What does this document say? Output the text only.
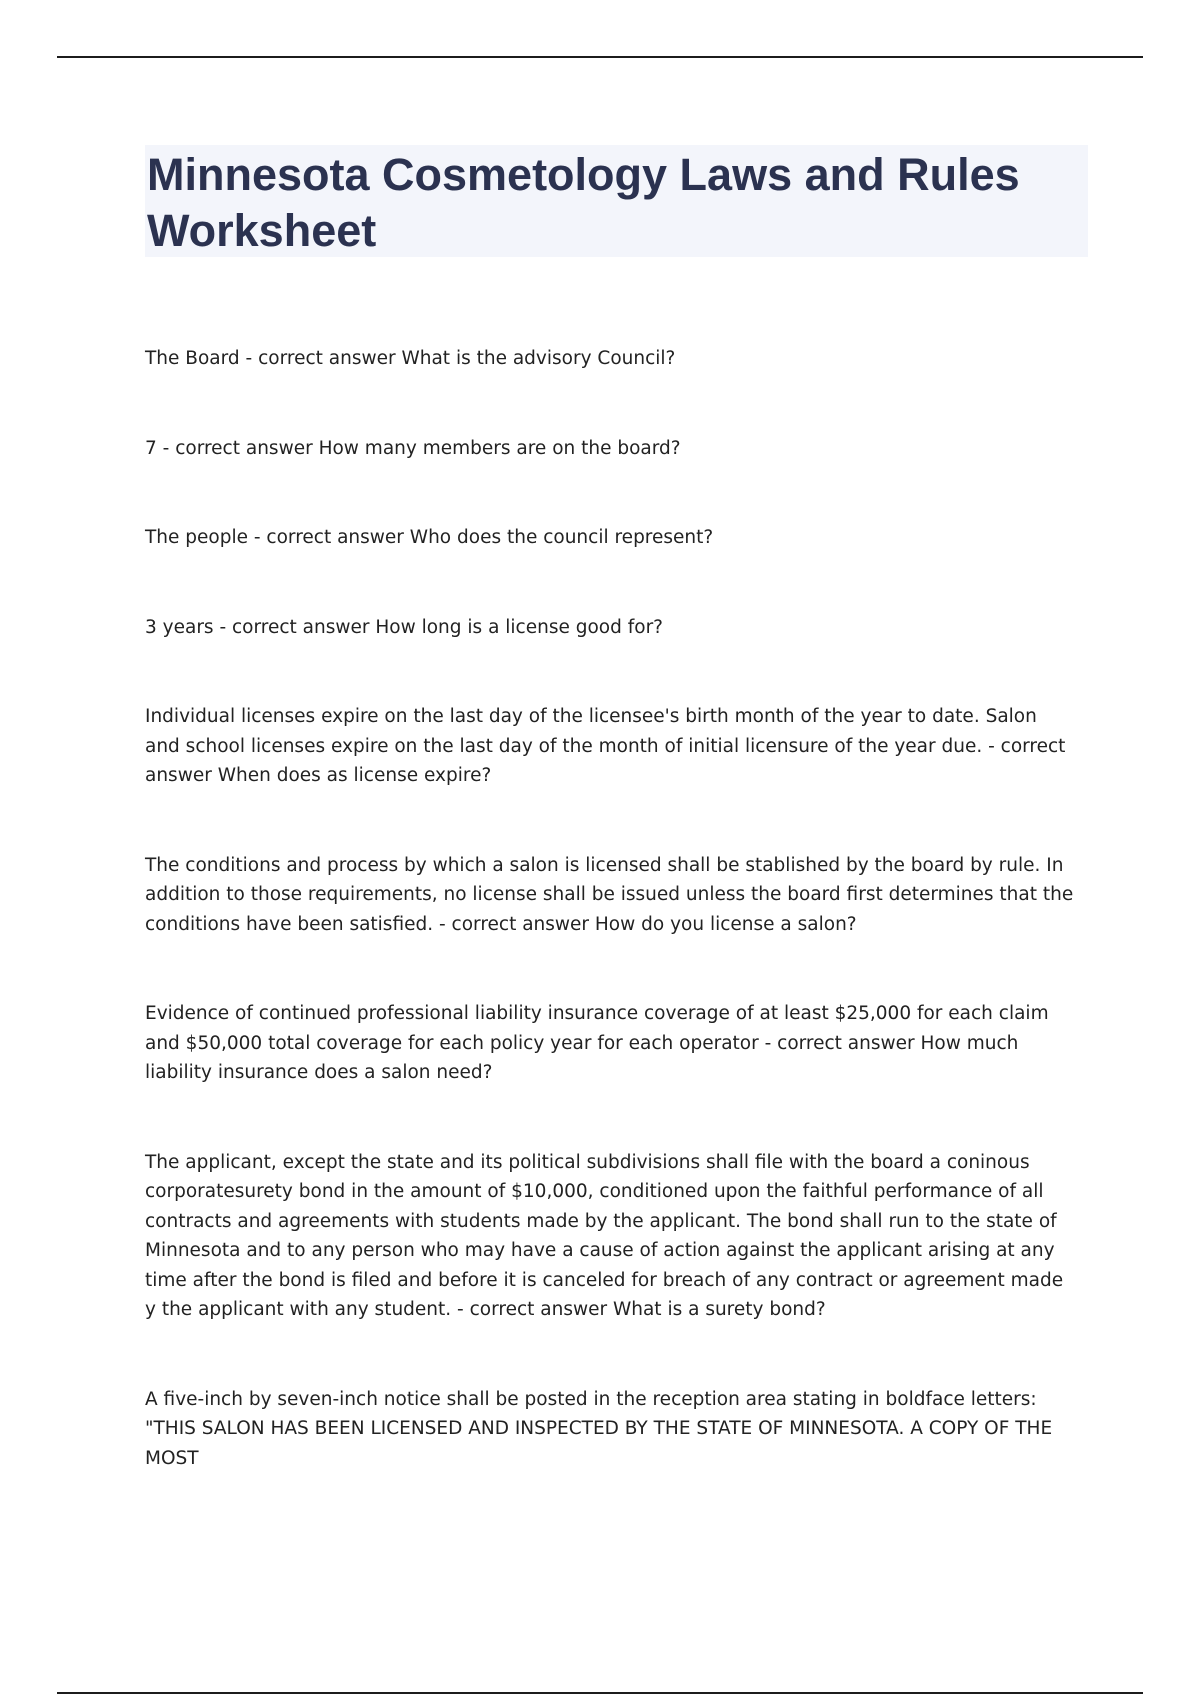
Minnesota Cosmetology Laws and Rules Worksheet

The Board - correct answer What is the advisory Council?

7 - correct answer How many members are on the board?

The people - correct answer Who does the council represent?

3 years - correct answer How long is a license good for?

Individual licenses expire on the last day of the licensee's birth month of the year to date. Salon and school licenses expire on the last day of the month of initial licensure of the year due. - correct answer When does as license expire?

The conditions and process by which a salon is licensed shall be stablished by the board by rule. In addition to those requirements, no license shall be issued unless the board first determines that the conditions have been satisfied. - correct answer How do you license a salon?

Evidence of continued professional liability insurance coverage of at least $25,000 for each claim and $50,000 total coverage for each policy year for each operator - correct answer How much liability insurance does a salon need?

The applicant, except the state and its political subdivisions shall file with the board a coninous corporatesurety bond in the amount of $10,000, conditioned upon the faithful performance of all contracts and agreements with students made by the applicant. The bond shall run to the state of Minnesota and to any person who may have a cause of action against the applicant arising at any time after the bond is filed and before it is canceled for breach of any contract or agreement made y the applicant with any student. - correct answer What is a surety bond?

A five-inch by seven-inch notice shall be posted in the reception area stating in boldface letters: "THIS SALON HAS BEEN LICENSED AND INSPECTED BY THE STATE OF MINNESOTA. A COPY OF THE MOST
